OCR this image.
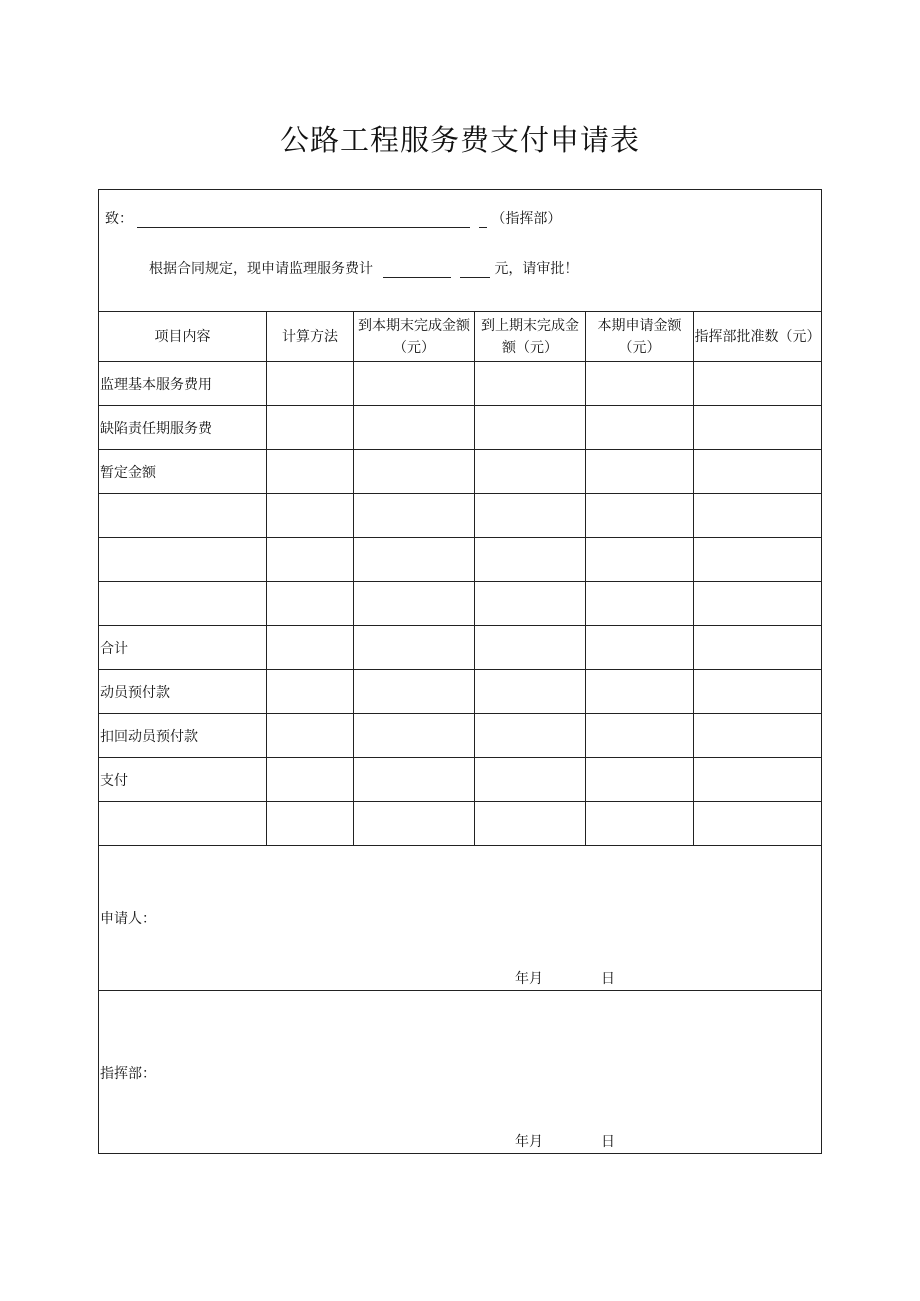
公路工程服务费支付申请表
致： （指挥部）
根据合同规定，现申请监理服务费计 元，请审批！					

项目内容	计算方法	到本期末完成金额（元）	到上期末完成金额（元）	本期申请金额（元）	指挥部批准数（元）
监理基本服务费用					
缺陷责任期服务费					
暂定金额					

合计					
动员预付款					
扣回动员预付款					
支付					

申请人：
年月 日					

指挥部：
年月 日					
